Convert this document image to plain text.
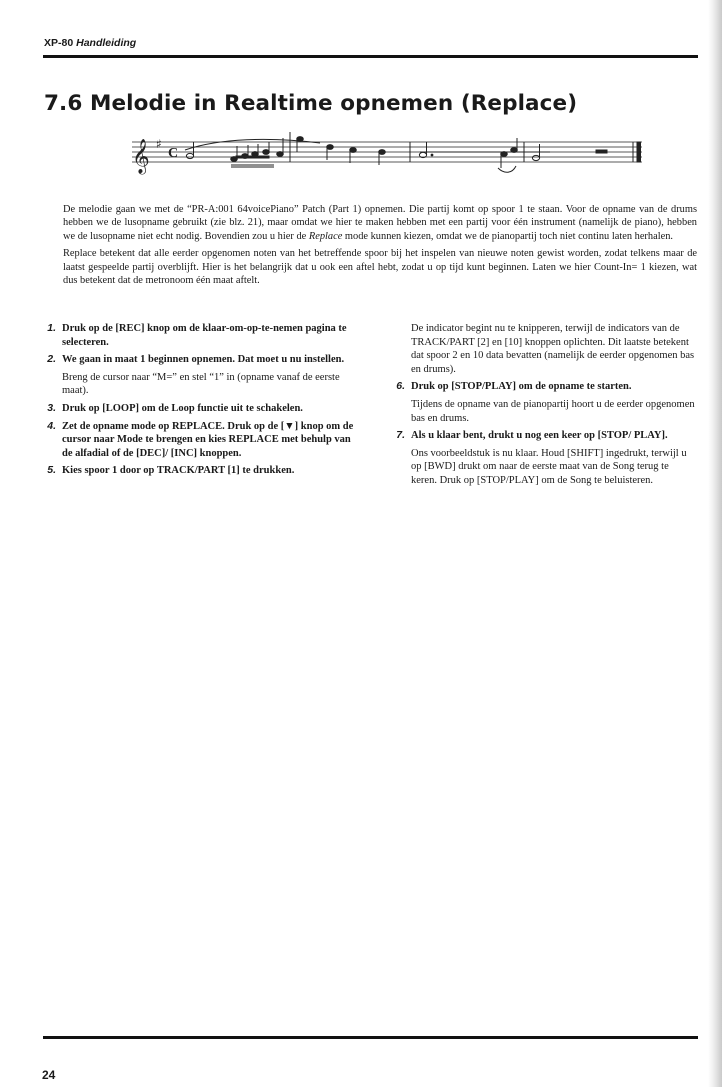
XP-80 Handleiding
7.6 Melodie in Realtime opnemen (Replace)
𝄞 ♯
C

De melodie gaan we met de “PR-A:001 64voicePiano” Patch (Part 1) opnemen. Die partij komt op spoor 1 te staan. Voor de opname van de drums hebben we de lusopname gebruikt (zie blz. 21), maar omdat we hier te maken hebben met een partij voor één instrument (namelijk de piano), hebben we de lusopname niet echt nodig. Bovendien zou u hier de Replace mode kunnen kiezen, omdat we de pianopartij toch niet continu laten herhalen.

Replace betekent dat alle eerder opgenomen noten van het betreffende spoor bij het inspelen van nieuwe noten gewist worden, zodat telkens maar de laatst gespeelde partij overblijft. Hier is het belangrijk dat u ook een aftel hebt, zodat u op tijd kunt beginnen. Laten we hier Count-In= 1 kiezen, wat dus betekent dat de metronoom één maat aftelt.

1. Druk op de [REC] knop om de klaar-om-op-te-nemen pagina te selecteren.
2. We gaan in maat 1 beginnen opnemen. Dat moet u nu instellen.
Breng de cursor naar “M=” en stel “1” in (opname vanaf de eerste maat).
3. Druk op [LOOP] om de Loop functie uit te schakelen.
4. Zet de opname mode op REPLACE. Druk op de [▼] knop om de cursor naar Mode te brengen en kies REPLACE met behulp van de alfadial of de [DEC]/ [INC] knoppen.
5. Kies spoor 1 door op TRACK/PART [1] te drukken.
De indicator begint nu te knipperen, terwijl de indicators van de TRACK/PART [2] en [10] knoppen oplichten. Dit laatste betekent dat spoor 2 en 10 data bevatten (namelijk de eerder opgenomen bas en drums).
6. Druk op [STOP/PLAY] om de opname te starten.
Tijdens de opname van de pianopartij hoort u de eerder opgenomen bas en drums.
7. Als u klaar bent, drukt u nog een keer op [STOP/ PLAY].
Ons voorbeeldstuk is nu klaar. Houd [SHIFT] ingedrukt, terwijl u op [BWD] drukt om naar de eerste maat van de Song terug te keren. Druk op [STOP/PLAY] om de Song te beluisteren.
24
